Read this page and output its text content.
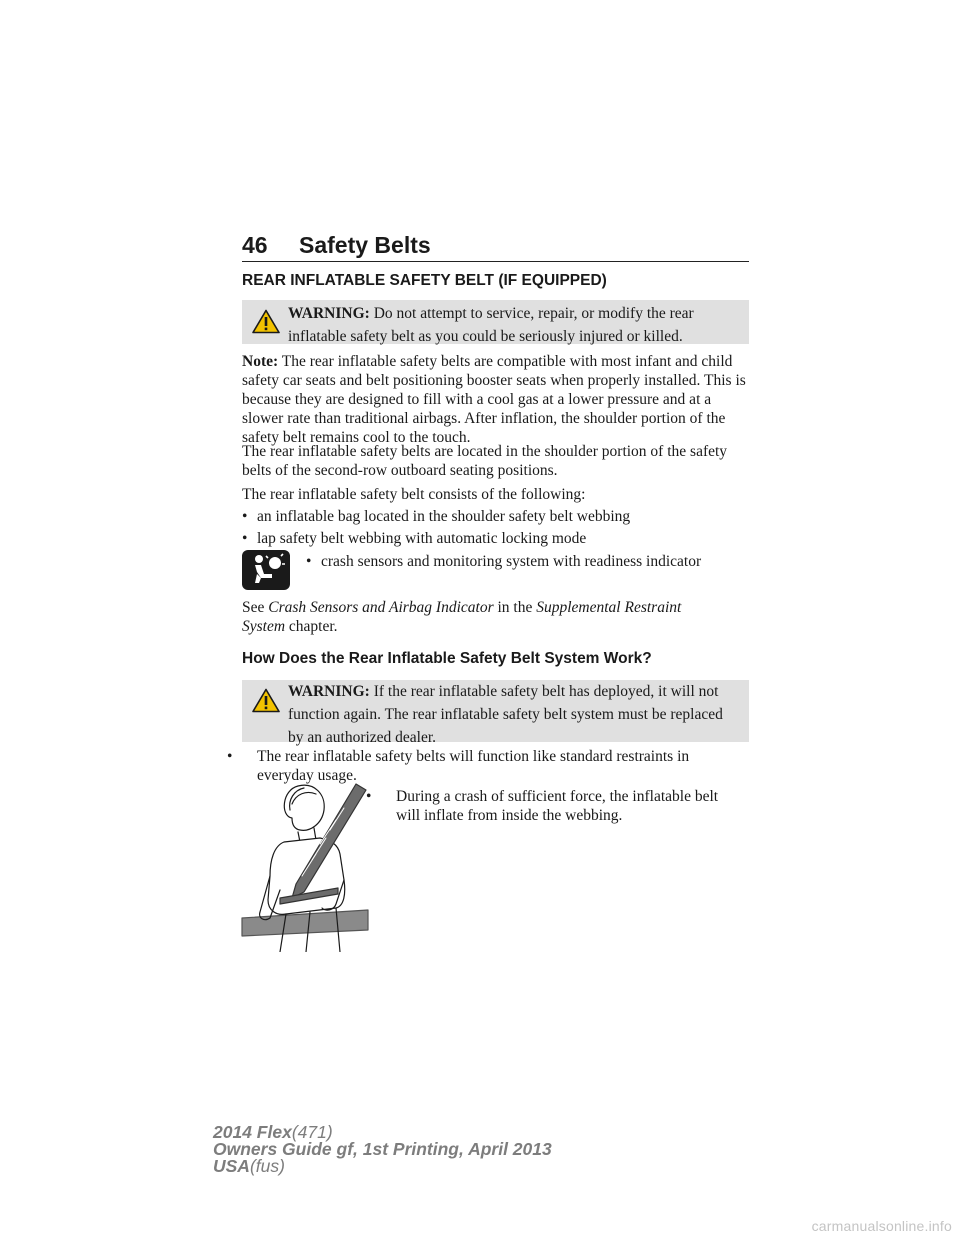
46 Safety Belts
REAR INFLATABLE SAFETY BELT (IF EQUIPPED)
WARNING: Do not attempt to service, repair, or modify the rear inflatable safety belt as you could be seriously injured or killed.
Note: The rear inflatable safety belts are compatible with most infant and child safety car seats and belt positioning booster seats when properly installed. This is because they are designed to fill with a cool gas at a lower pressure and at a slower rate than traditional airbags. After inflation, the shoulder portion of the safety belt remains cool to the touch.
The rear inflatable safety belts are located in the shoulder portion of the safety belts of the second-row outboard seating positions.
The rear inflatable safety belt consists of the following:
• an inflatable bag located in the shoulder safety belt webbing
• lap safety belt webbing with automatic locking mode
• crash sensors and monitoring system with readiness indicator
See Crash Sensors and Airbag Indicator in the Supplemental Restraint System chapter.
How Does the Rear Inflatable Safety Belt System Work?
WARNING: If the rear inflatable safety belt has deployed, it will not function again. The rear inflatable safety belt system must be replaced by an authorized dealer.
• The rear inflatable safety belts will function like standard restraints in everyday usage.
• During a crash of sufficient force, the inflatable belt will inflate from inside the webbing.
2014 Flex(471)
Owners Guide gf, 1st Printing, April 2013
USA(fus)
carmanualsonline.info
